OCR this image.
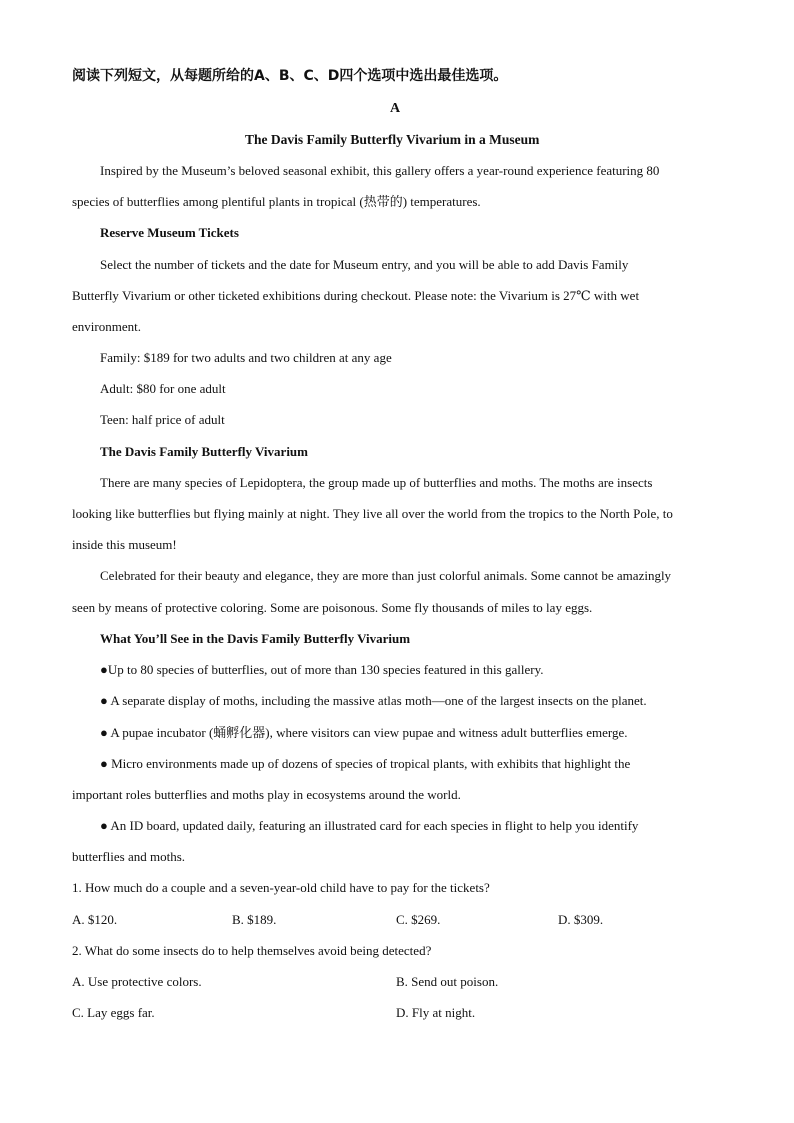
阅读下列短文，从每题所给的A、B、C、D四个选项中选出最佳选项。
A
The Davis Family Butterfly Vivarium in a Museum
Inspired by the Museum’s beloved seasonal exhibit, this gallery offers a year-round experience featuring 80
species of butterflies among plentiful plants in tropical (热带的) temperatures.
Reserve Museum Tickets
Select the number of tickets and the date for Museum entry, and you will be able to add Davis Family
Butterfly Vivarium or other ticketed exhibitions during checkout. Please note: the Vivarium is 27℃ with wet
environment.
Family: $189 for two adults and two children at any age
Adult: $80 for one adult
Teen: half price of adult
The Davis Family Butterfly Vivarium
There are many species of Lepidoptera, the group made up of butterflies and moths. The moths are insects
looking like butterflies but flying mainly at night. They live all over the world from the tropics to the North Pole, to
inside this museum!
Celebrated for their beauty and elegance, they are more than just colorful animals. Some cannot be amazingly
seen by means of protective coloring. Some are poisonous. Some fly thousands of miles to lay eggs.
What You’ll See in the Davis Family Butterfly Vivarium
●Up to 80 species of butterflies, out of more than 130 species featured in this gallery.
● A separate display of moths, including the massive atlas moth—one of the largest insects on the planet.
● A pupae incubator (蛹孵化器), where visitors can view pupae and witness adult butterflies emerge.
● Micro environments made up of dozens of species of tropical plants, with exhibits that highlight the
important roles butterflies and moths play in ecosystems around the world.
● An ID board, updated daily, featuring an illustrated card for each species in flight to help you identify
butterflies and moths.
1. How much do a couple and a seven-year-old child have to pay for the tickets?
A. $120.	B. $189.	C. $269.	D. $309.
2. What do some insects do to help themselves avoid being detected?
A. Use protective colors.	B. Send out poison.
C. Lay eggs far.	D. Fly at night.
